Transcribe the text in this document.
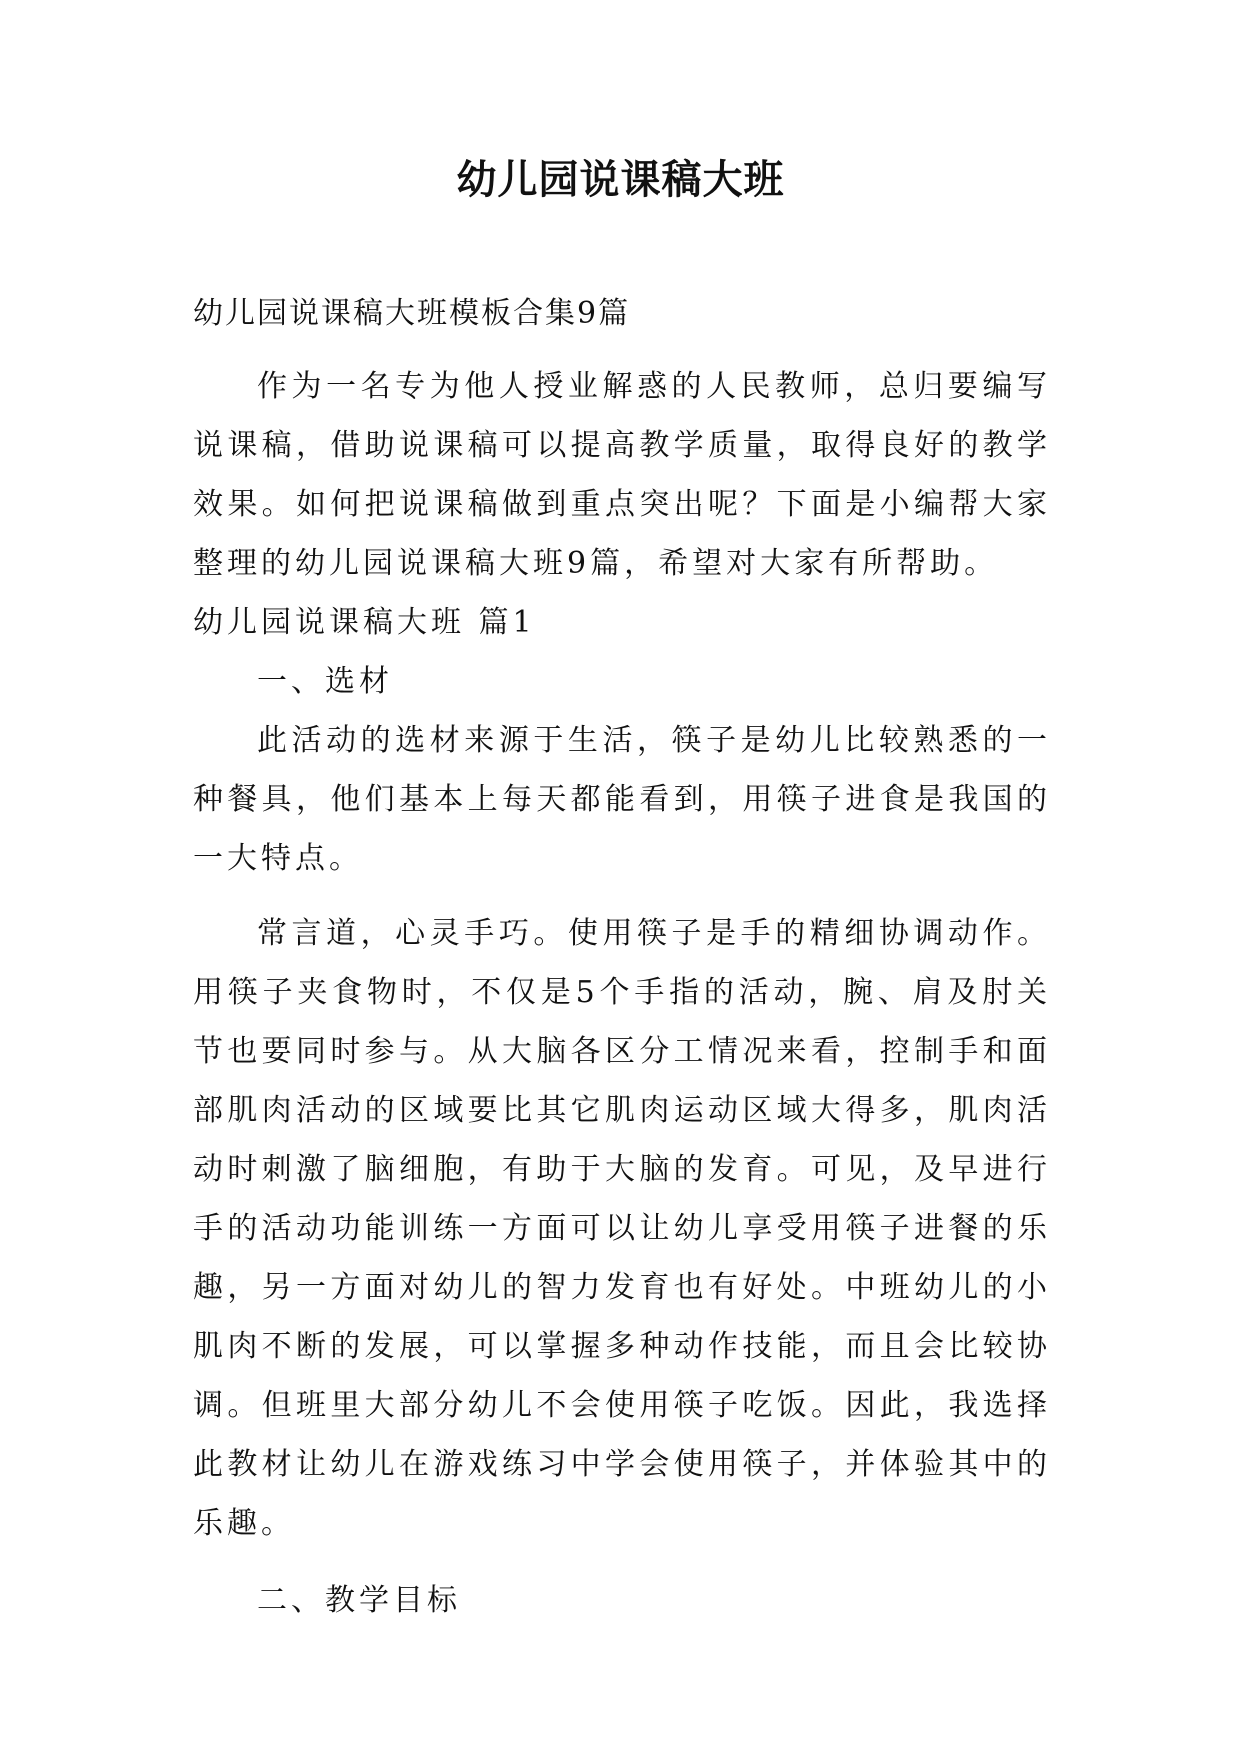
幼儿园说课稿大班
幼儿园说课稿大班模板合集9篇

作为一名专为他人授业解惑的人民教师，总归要编写说课稿，借助说课稿可以提高教学质量，取得良好的教学效果。如何把说课稿做到重点突出呢？下面是小编帮大家整理的幼儿园说课稿大班9篇，希望对大家有所帮助。

幼儿园说课稿大班 篇1

一、选材

此活动的选材来源于生活，筷子是幼儿比较熟悉的一种餐具，他们基本上每天都能看到，用筷子进食是我国的一大特点。

常言道，心灵手巧。使用筷子是手的精细协调动作。用筷子夹食物时，不仅是5个手指的活动，腕、肩及肘关节也要同时参与。从大脑各区分工情况来看，控制手和面部肌肉活动的区域要比其它肌肉运动区域大得多，肌肉活动时刺激了脑细胞，有助于大脑的发育。可见，及早进行手的活动功能训练一方面可以让幼儿享受用筷子进餐的乐趣，另一方面对幼儿的智力发育也有好处。中班幼儿的小肌肉不断的发展，可以掌握多种动作技能，而且会比较协调。但班里大部分幼儿不会使用筷子吃饭。因此，我选择此教材让幼儿在游戏练习中学会使用筷子，并体验其中的乐趣。

二、教学目标
